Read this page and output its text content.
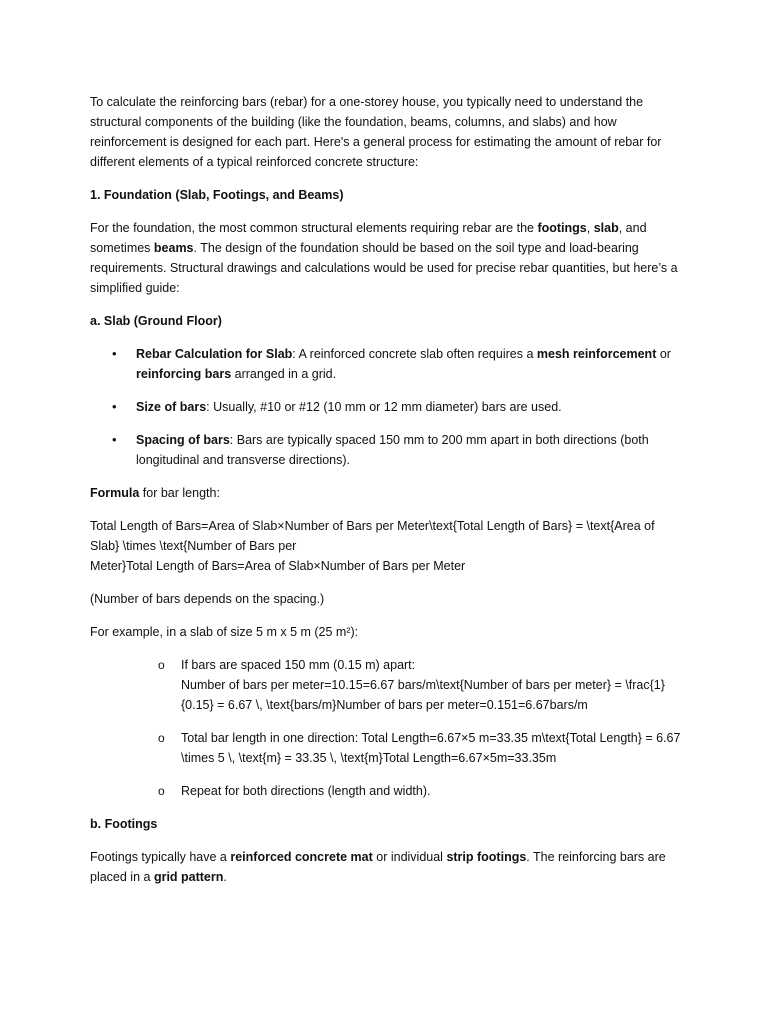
To calculate the reinforcing bars (rebar) for a one-storey house, you typically need to understand the structural components of the building (like the foundation, beams, columns, and slabs) and how reinforcement is designed for each part. Here's a general process for estimating the amount of rebar for different elements of a typical reinforced concrete structure:

1. Foundation (Slab, Footings, and Beams)

For the foundation, the most common structural elements requiring rebar are the footings, slab, and sometimes beams. The design of the foundation should be based on the soil type and load-bearing requirements. Structural drawings and calculations would be used for precise rebar quantities, but here’s a simplified guide:

a. Slab (Ground Floor)

• Rebar Calculation for Slab: A reinforced concrete slab often requires a mesh reinforcement or reinforcing bars arranged in a grid.
• Size of bars: Usually, #10 or #12 (10 mm or 12 mm diameter) bars are used.
• Spacing of bars: Bars are typically spaced 150 mm to 200 mm apart in both directions (both longitudinal and transverse directions).

Formula for bar length:

Total Length of Bars=Area of Slab×Number of Bars per Meter\text{Total Length of Bars} = \text{Area of Slab} \times \text{Number of Bars per

Meter}Total Length of Bars=Area of Slab×Number of Bars per Meter

(Number of bars depends on the spacing.)

For example, in a slab of size 5 m x 5 m (25 m²):

o If bars are spaced 150 mm (0.15 m) apart:
Number of bars per meter=10.15=6.67 bars/m\text{Number of bars per meter} = \frac{1}{0.15} = 6.67 \, \text{bars/m}Number of bars per meter=0.151=6.67bars/m
o Total bar length in one direction: Total Length=6.67×5 m=33.35 m\text{Total Length} = 6.67 \times 5 \, \text{m} = 33.35 \, \text{m}Total Length=6.67×5m=33.35m
o Repeat for both directions (length and width).

b. Footings

Footings typically have a reinforced concrete mat or individual strip footings. The reinforcing bars are placed in a grid pattern.
